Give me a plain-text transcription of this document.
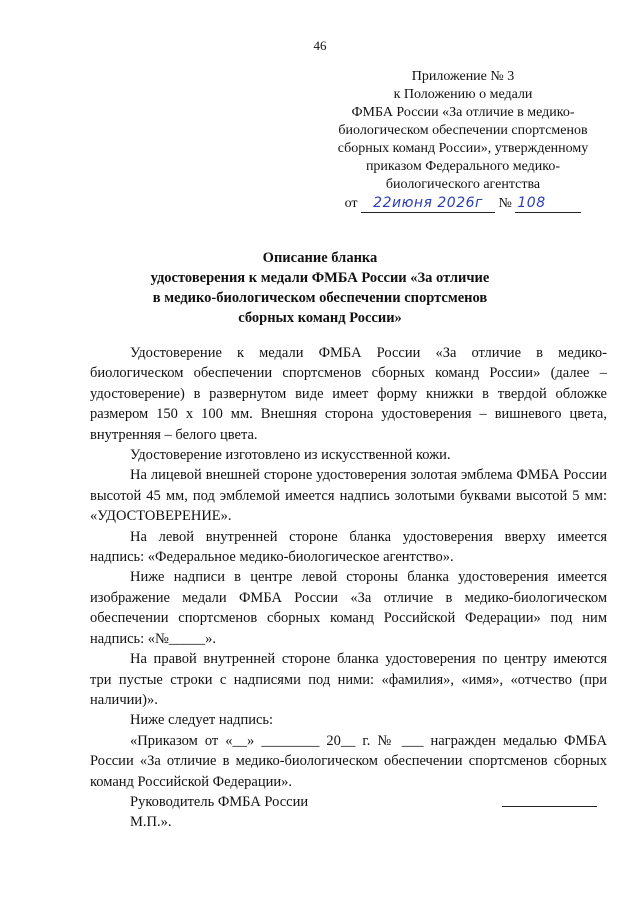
46
Приложение № 3
к Положению о медали
ФМБА России «За отличие в медико-
биологическом обеспечении спортсменов
сборных команд России», утвержденному
приказом Федерального медико-
биологического агентства
от 22июня 2026г № 108
Описание бланка
удостоверения к медали ФМБА России «За отличие
в медико-биологическом обеспечении спортсменов
сборных команд России»

Удостоверение к медали ФМБА России «За отличие в медико-биологическом обеспечении спортсменов сборных команд России» (далее – удостоверение) в развернутом виде имеет форму книжки в твердой обложке размером 150 х 100 мм. Внешняя сторона удостоверения – вишневого цвета, внутренняя – белого цвета.

Удостоверение изготовлено из искусственной кожи.

На лицевой внешней стороне удостоверения золотая эмблема ФМБА России высотой 45 мм, под эмблемой имеется надпись золотыми буквами высотой 5 мм: «УДОСТОВЕРЕНИЕ».

На левой внутренней стороне бланка удостоверения вверху имеется надпись: «Федеральное медико-биологическое агентство».

Ниже надписи в центре левой стороны бланка удостоверения имеется изображение медали ФМБА России «За отличие в медико-биологическом обеспечении спортсменов сборных команд Российской Федерации» под ним надпись: «№_____».

На правой внутренней стороне бланка удостоверения по центру имеются три пустые строки с надписями под ними: «фамилия», «имя», «отчество (при наличии)».

Ниже следует надпись:

«Приказом от «__» ________ 20__ г. № ___ награжден медалью ФМБА России «За отличие в медико-биологическом обеспечении спортсменов сборных команд Российской Федерации».

Руководитель ФМБА России

М.П.».
